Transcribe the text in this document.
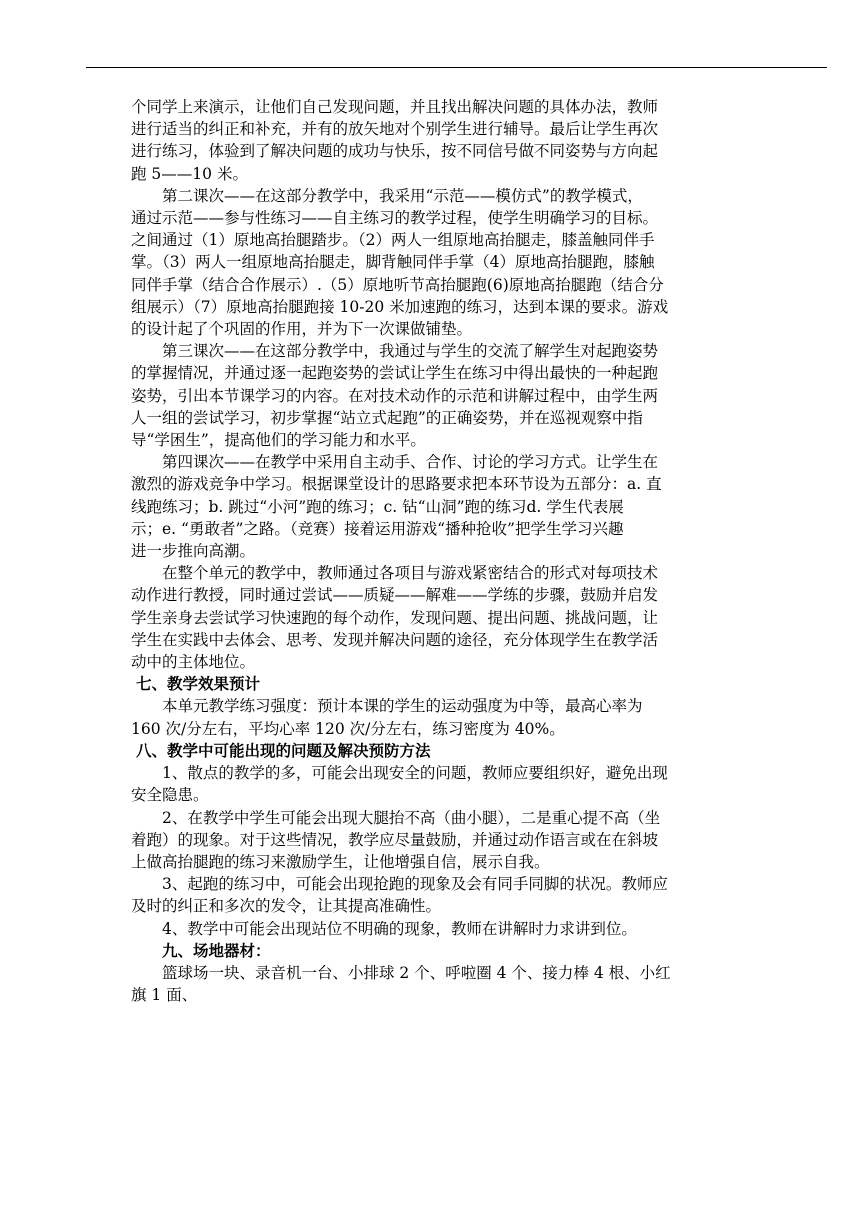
个同学上来演示，让他们自己发现问题，并且找出解决问题的具体办法，教师
进行适当的纠正和补充，并有的放矢地对个别学生进行辅导。最后让学生再次
进行练习，体验到了解决问题的成功与快乐，按不同信号做不同姿势与方向起
跑 5——10 米。
第二课次——在这部分教学中，我采用“示范——模仿式”的教学模式，
通过示范——参与性练习——自主练习的教学过程，使学生明确学习的目标。
之间通过（1）原地高抬腿踏步。（2）两人一组原地高抬腿走，膝盖触同伴手
掌。（3）两人一组原地高抬腿走，脚背触同伴手掌（4）原地高抬腿跑，膝触
同伴手掌（结合合作展示）.（5）原地听节高抬腿跑(6)原地高抬腿跑（结合分
组展示）（7）原地高抬腿跑接 10-20 米加速跑的练习，达到本课的要求。游戏
的设计起了个巩固的作用，并为下一次课做铺垫。
第三课次——在这部分教学中，我通过与学生的交流了解学生对起跑姿势
的掌握情况，并通过逐一起跑姿势的尝试让学生在练习中得出最快的一种起跑
姿势，引出本节课学习的内容。在对技术动作的示范和讲解过程中，由学生两
人一组的尝试学习，初步掌握“站立式起跑”的正确姿势，并在巡视观察中指
导“学困生”，提高他们的学习能力和水平。
第四课次——在教学中采用自主动手、合作、讨论的学习方式。让学生在
激烈的游戏竞争中学习。根据课堂设计的思路要求把本环节设为五部分：a. 直
线跑练习；b. 跳过“小河”跑的练习；c. 钻“山洞”跑的练习d. 学生代表展
示；e. “勇敢者”之路。（竞赛）接着运用游戏“播种抢收”把学生学习兴趣
进一步推向高潮。
在整个单元的教学中，教师通过各项目与游戏紧密结合的形式对每项技术
动作进行教授，同时通过尝试——质疑——解难——学练的步骤，鼓励并启发
学生亲身去尝试学习快速跑的每个动作，发现问题、提出问题、挑战问题，让
学生在实践中去体会、思考、发现并解决问题的途径，充分体现学生在教学活
动中的主体地位。
七、教学效果预计
本单元教学练习强度：预计本课的学生的运动强度为中等，最高心率为
160 次/分左右，平均心率 120 次/分左右，练习密度为 40%。
八、教学中可能出现的问题及解决预防方法
1、散点的教学的多，可能会出现安全的问题，教师应要组织好，避免出现
安全隐患。
2、在教学中学生可能会出现大腿抬不高（曲小腿），二是重心提不高（坐
着跑）的现象。对于这些情况，教学应尽量鼓励，并通过动作语言或在在斜坡
上做高抬腿跑的练习来激励学生，让他增强自信，展示自我。
3、起跑的练习中，可能会出现抢跑的现象及会有同手同脚的状况。教师应
及时的纠正和多次的发令，让其提高准确性。
4、教学中可能会出现站位不明确的现象，教师在讲解时力求讲到位。
九、场地器材：
篮球场一块、录音机一台、小排球 2 个、呼啦圈 4 个、接力棒 4 根、小红
旗 1 面、
